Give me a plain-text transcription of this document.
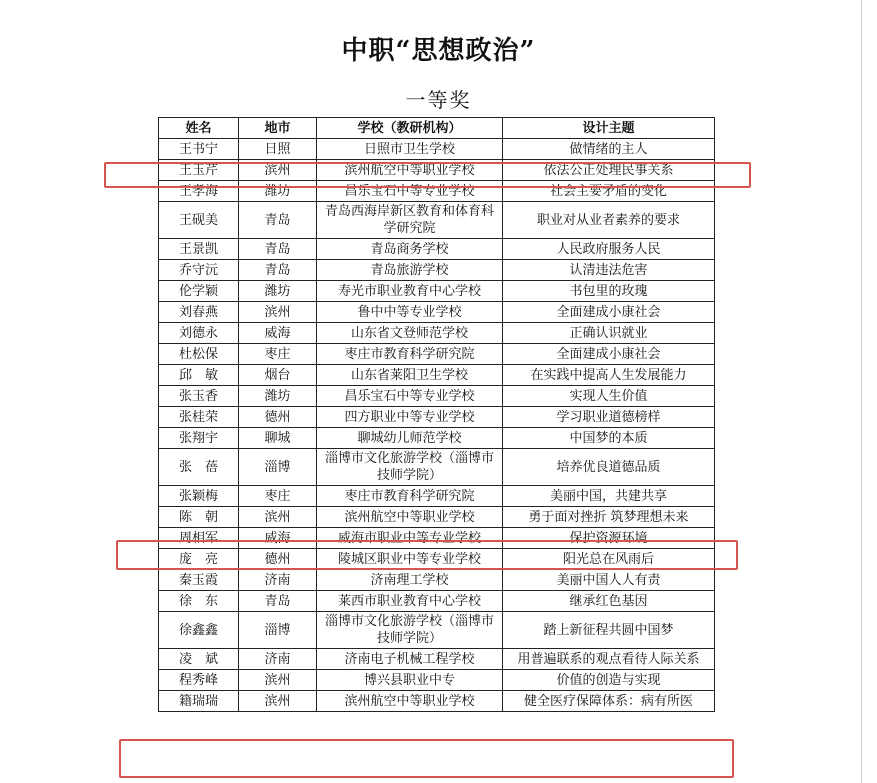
中职“思想政治”
一等奖
姓名	地市	学校（教研机构）	设计主题
王书宁	日照	日照市卫生学校	做情绪的主人
王玉芹	滨州	滨州航空中等职业学校	依法公正处理民事关系
王孝海	潍坊	昌乐宝石中等专业学校	社会主要矛盾的变化
王砚美	青岛	青岛西海岸新区教育和体育科学研究院	职业对从业者素养的要求
王景凯	青岛	青岛商务学校	人民政府服务人民
乔守沅	青岛	青岛旅游学校	认清违法危害
伦学颖	潍坊	寿光市职业教育中心学校	书包里的玫瑰
刘春燕	滨州	鲁中中等专业学校	全面建成小康社会
刘德永	威海	山东省文登师范学校	正确认识就业
杜松保	枣庄	枣庄市教育科学研究院	全面建成小康社会
邱　敏	烟台	山东省莱阳卫生学校	在实践中提高人生发展能力
张玉香	潍坊	昌乐宝石中等专业学校	实现人生价值
张桂荣	德州	四方职业中等专业学校	学习职业道德榜样
张翔宇	聊城	聊城幼儿师范学校	中国梦的本质
张　蓓	淄博	淄博市文化旅游学校（淄博市技师学院）	培养优良道德品质
张颖梅	枣庄	枣庄市教育科学研究院	美丽中国，共建共享
陈　朝	滨州	滨州航空中等职业学校	勇于面对挫折 筑梦理想未来
周相军	威海	威海市职业中等专业学校	保护资源环境
庞　亮	德州	陵城区职业中等专业学校	阳光总在风雨后
秦玉霞	济南	济南理工学校	美丽中国人人有责
徐　东	青岛	莱西市职业教育中心学校	继承红色基因
徐鑫鑫	淄博	淄博市文化旅游学校（淄博市技师学院）	踏上新征程共圆中国梦
凌　斌	济南	济南电子机械工程学校	用普遍联系的观点看待人际关系
程秀峰	滨州	博兴县职业中专	价值的创造与实现
籍瑞瑞	滨州	滨州航空中等职业学校	健全医疗保障体系：病有所医
